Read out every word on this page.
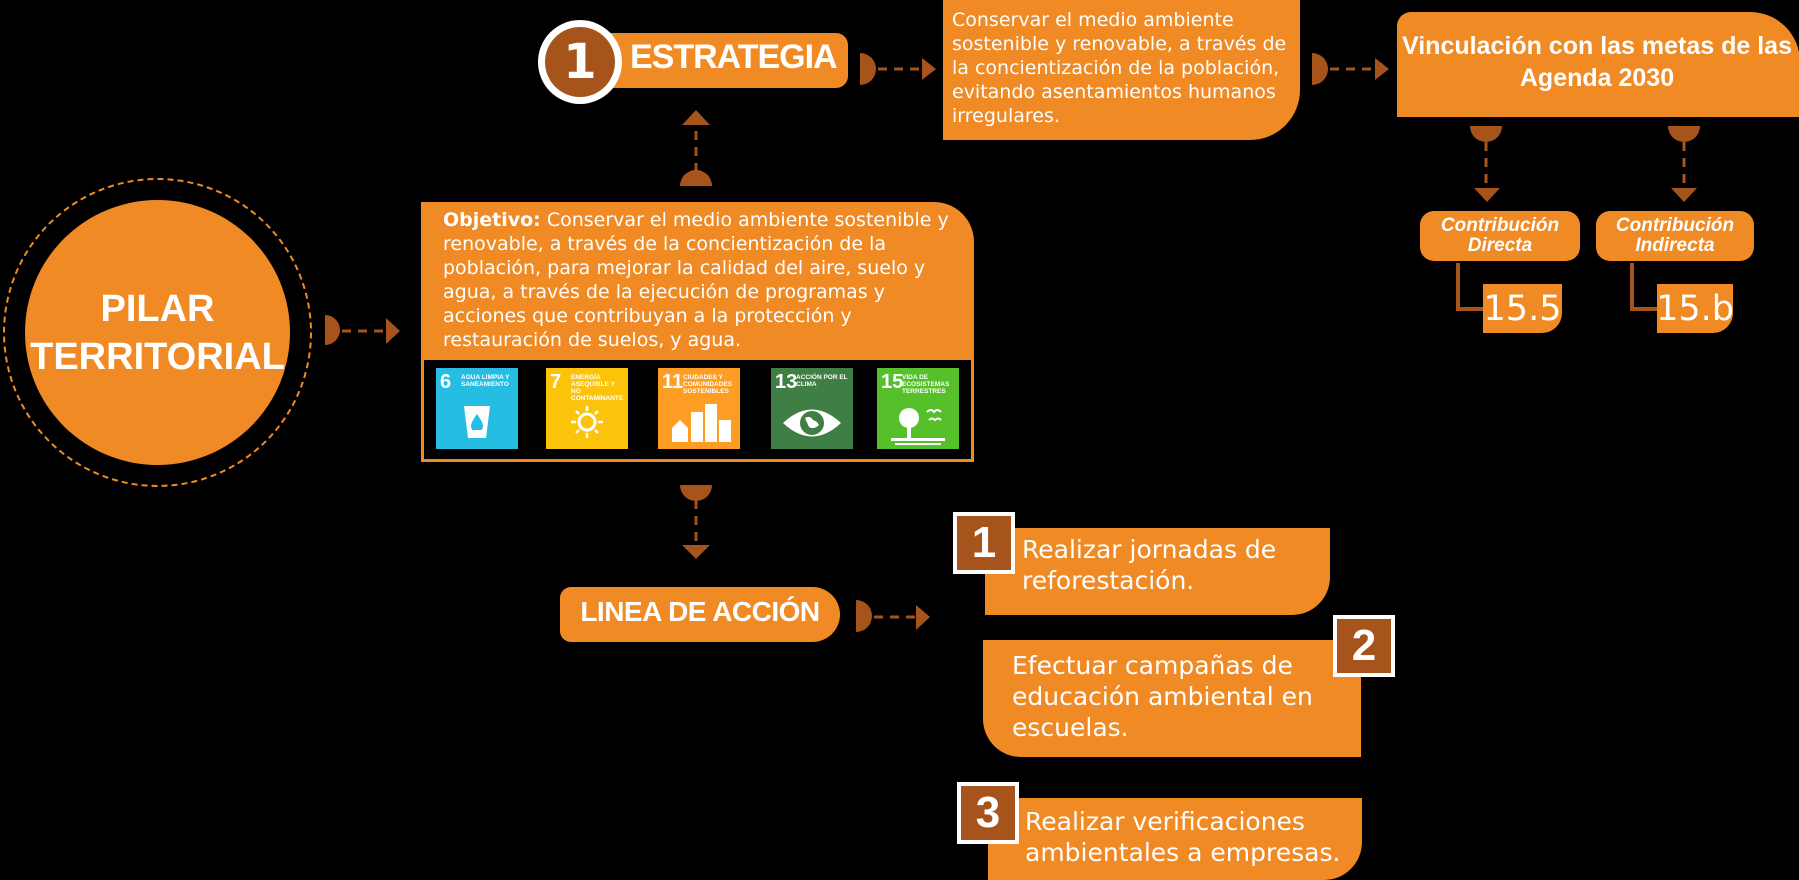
PILAR
TERRITORIAL
ESTRATEGIA
1
Conservar el medio ambiente sostenible y renovable, a través de la concientización de la población, evitando asentamientos humanos irregulares.
Vinculación con las metas de las Agenda 2030
Contribución
Directa
Contribución
Indirecta
15.5	15.b
Objetivo: Conservar el medio ambiente sostenible y renovable, a través de la concientización de la población, para mejorar la calidad del aire, suelo y agua, a través de la ejecución de programas y acciones que contribuyan a la protección y restauración de suelos, y agua.
6 AGUA LIMPIA Y SANEAMIENTO	7 ENERGÍA ASEQUIBLE Y NO CONTAMINANTE
11 CIUDADES Y COMUNIDADES SOSTENIBLES	13
ACCIÓN POR EL CLIMA	15
VIDA DE ECOSISTEMAS TERRESTRES
LINEA DE ACCIÓN
Realizar jornadas de
reforestación.
1
Efectuar campañas de
educación ambiental en
escuelas.
2
Realizar verificaciones
ambientales a empresas.
3
